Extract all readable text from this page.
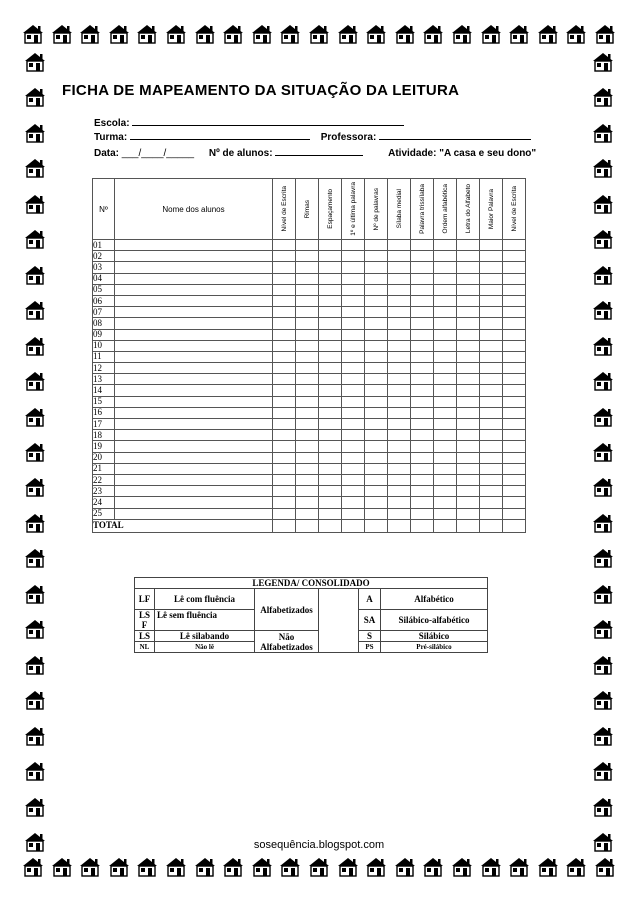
FICHA DE MAPEAMENTO DA SITUAÇÃO DA LEITURA
Escola:
Turma:	Professora:
Data: ___/____/_____ Nº de alunos:	Atividade: "A casa e seu dono"
Nº	Nome dos alunos	Nível de Escrita	Rimas	Espaçamento	1º e última palavra	Nº de palavras	Sílaba medial	Palavra trissílaba	Ordem alfabética	Letra do Alfabeto	Maior Palavra	Nível de Escrita

01												
02												
03												
04												
05												
06												
07												
08												
09												
10												
11												
12												
13												
14												
15												
16												
17												
18												
19												
20												
21												
22												
23												
24												
25												
TOTAL												
LEGENDA/ CONSOLIDADO					
LF	Lê com fluência	Alfabetizados		A	Alfabético
LS F	Lê sem fluência			SA	Silábico-alfabético
LS	Lê silabando	Não Alfabetizados		S	Silábico
NL	Não lê			PS	Pré-silábico
sosequência.blogspot.com
